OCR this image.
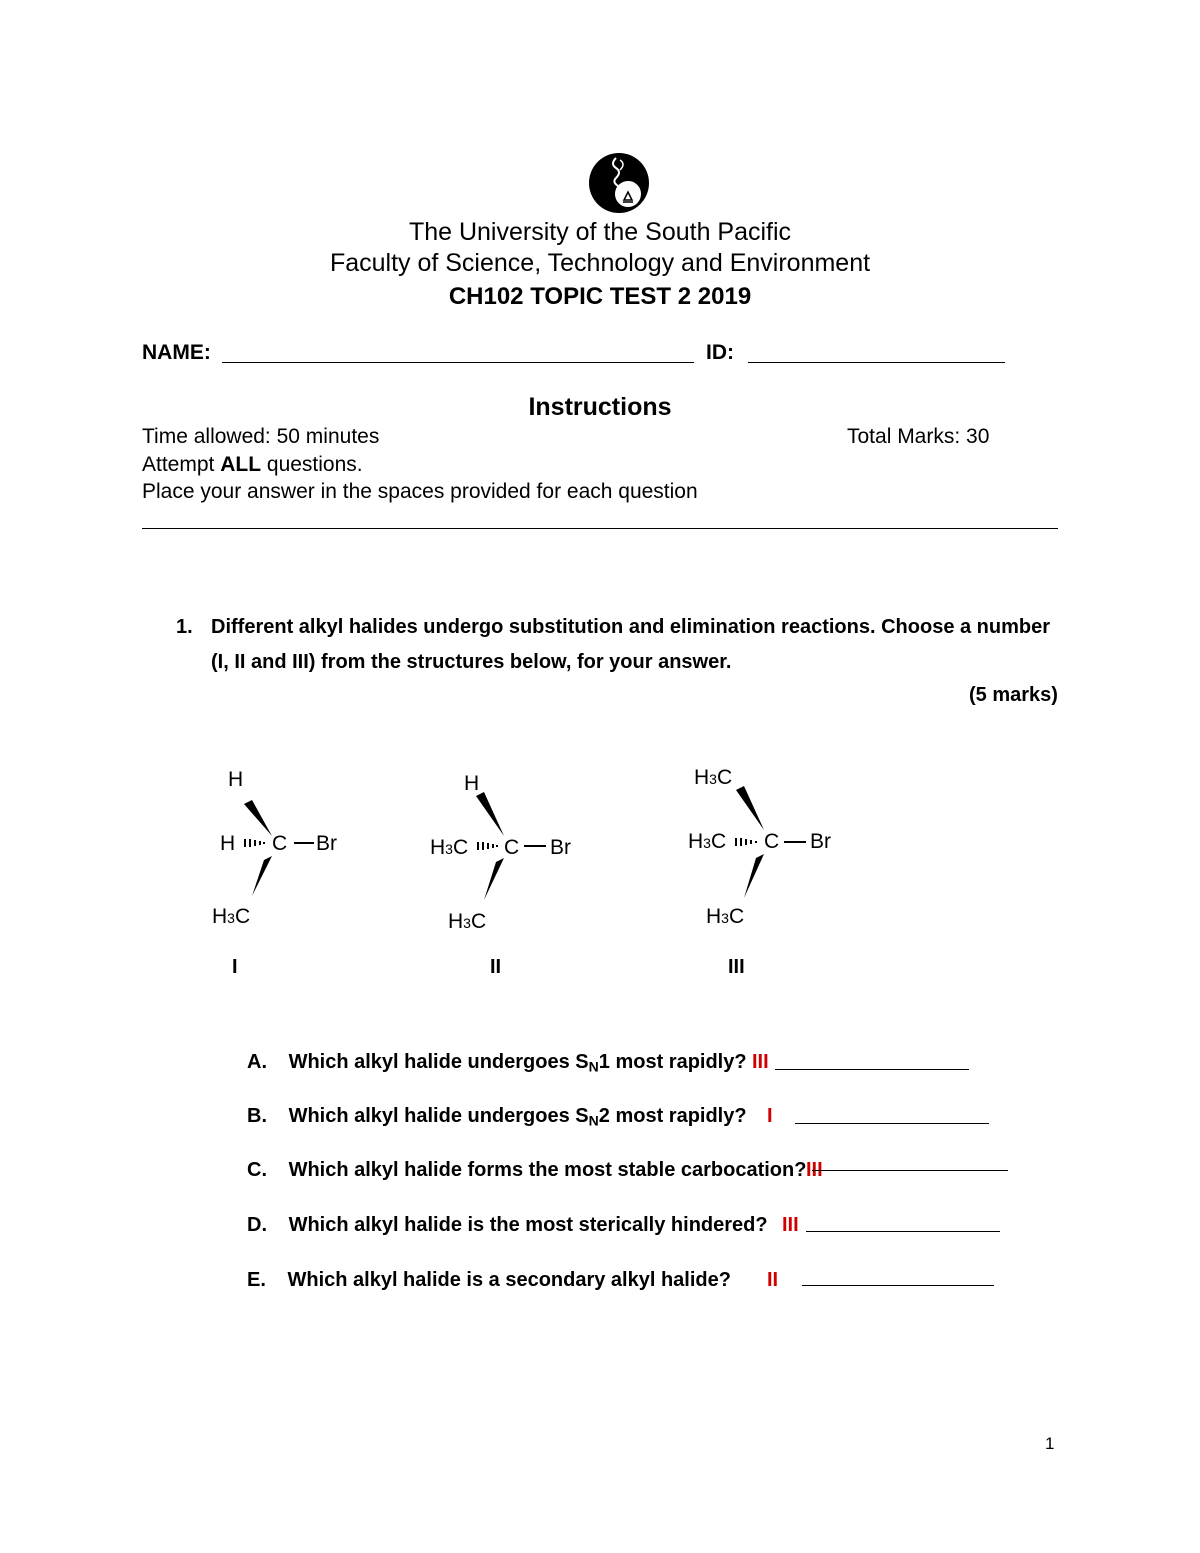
The University of the South Pacific
Faculty of Science, Technology and Environment
CH102 TOPIC TEST 2 2019
NAME:	ID:
Instructions
Time allowed: 50 minutes	Total Marks: 30
Attempt ALL questions.
Place your answer in the spaces provided for each question
1. Different alkyl halides undergo substitution and elimination reactions. Choose a number
(I, II and III) from the structures below, for your answer.
(5 marks)
H
H C Br
H3C
I
H
H3C C Br
H3C
II
H3C
H3C C Br
H3C
III
A. Which alkyl halide undergoes $S_N1$ most rapidly? III
B. Which alkyl halide undergoes $S_N2$ most rapidly? I
C. Which alkyl halide forms the most stable carbocation? III
D. Which alkyl halide is the most sterically hindered? III
E. Which alkyl halide is a secondary alkyl halide? II
1
